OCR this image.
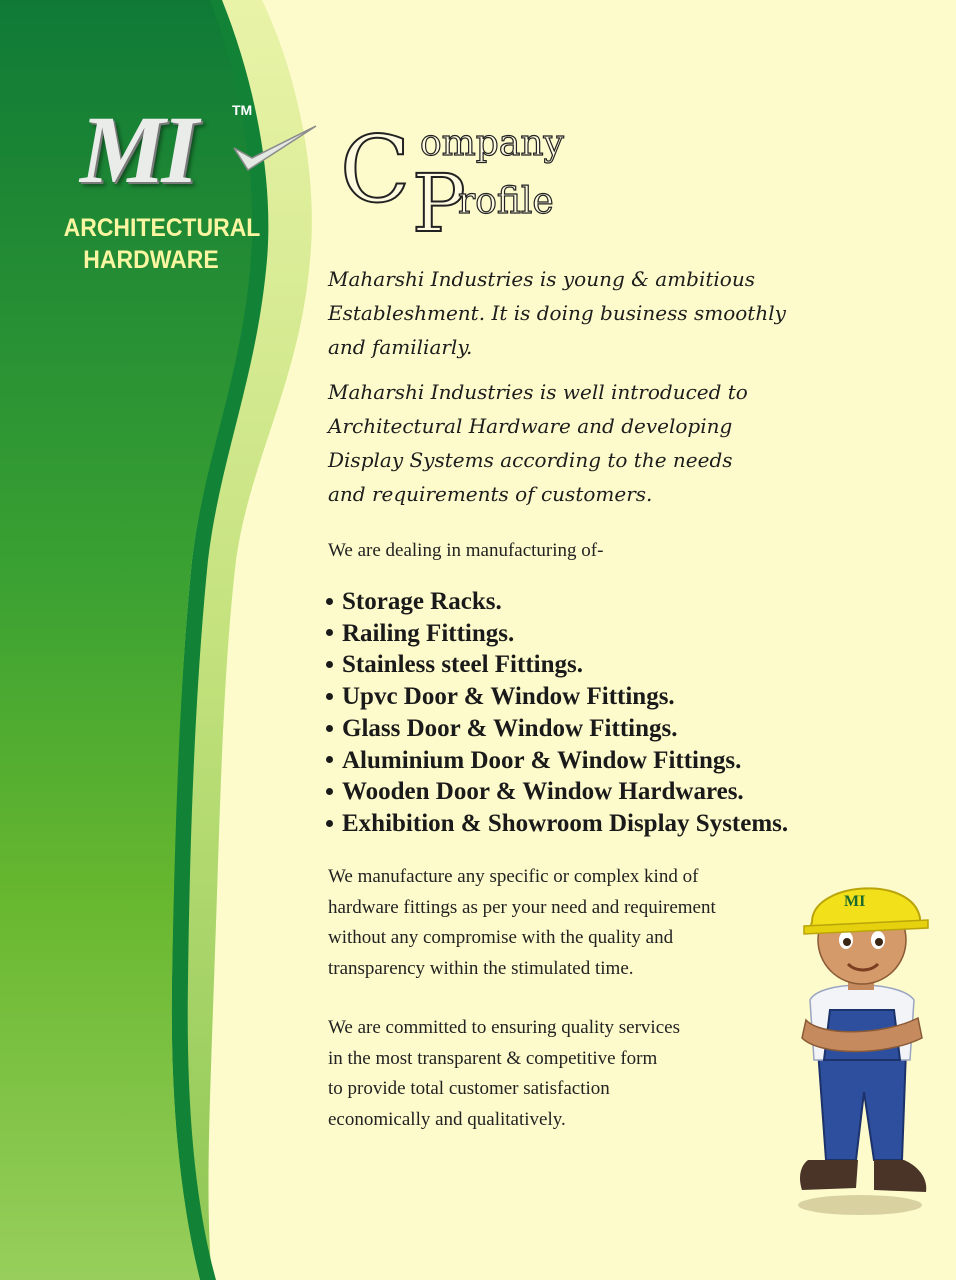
MI	TM
ARCHITECTURAL
HARDWARE
C ompany
P
rofile

Maharshi Industries is young & ambitious

Estableshment. It is doing business smoothly

and familiarly.

Maharshi Industries is well introduced to

Architectural Hardware and developing

Display Systems according to the needs

and requirements of customers.

We are dealing in manufacturing of-
Storage Racks.
Railing Fittings.
Stainless steel Fittings.
Upvc Door & Window Fittings.
Glass Door & Window Fittings.
Aluminium Door & Window Fittings.
Wooden Door & Window Hardwares.
Exhibition & Showroom Display Systems.
We manufacture any specific or complex kind of
hardware fittings as per your need and requirement
without any compromise with the quality and
transparency within the stimulated time.
We are committed to ensuring quality services
in the most transparent & competitive form
to provide total customer satisfaction
economically and qualitatively.
MI
